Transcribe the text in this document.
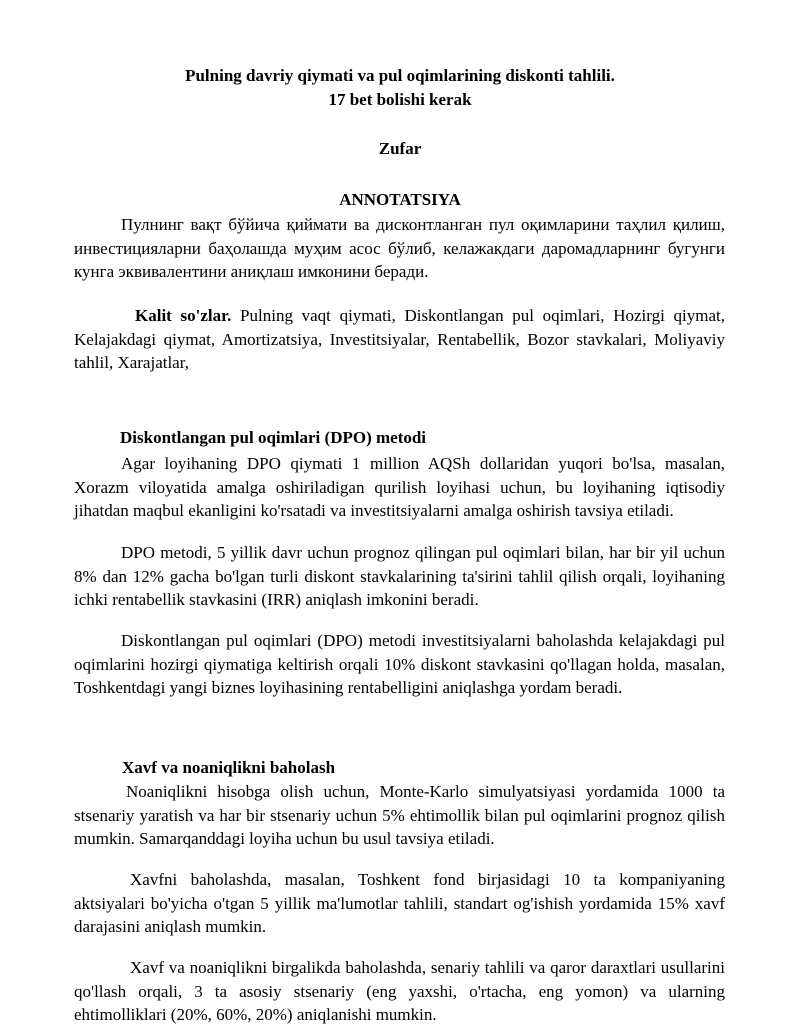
Pulning davriy qiymati va pul oqimlarining diskonti tahlili.
17 bet bolishi kerak
Zufar
ANNOTATSIYA
Пулнинг вақт бўйича қиймати ва дисконтланган пул оқимларини таҳлил қилиш, инвестицияларни баҳолашда муҳим асос бўлиб, келажакдаги даромадларнинг бугунги кунга эквивалентини аниқлаш имконини беради.
Kalit so'zlar. Pulning vaqt qiymati, Diskontlangan pul oqimlari, Hozirgi qiymat, Kelajakdagi qiymat, Amortizatsiya, Investitsiyalar, Rentabellik, Bozor stavkalari, Moliyaviy tahlil, Xarajatlar,
Diskontlangan pul oqimlari (DPO) metodi
Agar loyihaning DPO qiymati 1 million AQSh dollaridan yuqori bo'lsa, masalan, Xorazm viloyatida amalga oshiriladigan qurilish loyihasi uchun, bu loyihaning iqtisodiy jihatdan maqbul ekanligini ko'rsatadi va investitsiyalarni amalga oshirish tavsiya etiladi.
DPO metodi, 5 yillik davr uchun prognoz qilingan pul oqimlari bilan, har bir yil uchun 8% dan 12% gacha bo'lgan turli diskont stavkalarining ta'sirini tahlil qilish orqali, loyihaning ichki rentabellik stavkasini (IRR) aniqlash imkonini beradi.
Diskontlangan pul oqimlari (DPO) metodi investitsiyalarni baholashda kelajakdagi pul oqimlarini hozirgi qiymatiga keltirish orqali 10% diskont stavkasini qo'llagan holda, masalan, Toshkentdagi yangi biznes loyihasining rentabelligini aniqlashga yordam beradi.
Xavf va noaniqlikni baholash
Noaniqlikni hisobga olish uchun, Monte-Karlo simulyatsiyasi yordamida 1000 ta stsenariy yaratish va har bir stsenariy uchun 5% ehtimollik bilan pul oqimlarini prognoz qilish mumkin. Samarqanddagi loyiha uchun bu usul tavsiya etiladi.
Xavfni baholashda, masalan, Toshkent fond birjasidagi 10 ta kompaniyaning aktsiyalari bo'yicha o'tgan 5 yillik ma'lumotlar tahlili, standart og'ishish yordamida 15% xavf darajasini aniqlash mumkin.
Xavf va noaniqlikni birgalikda baholashda, senariy tahlili va qaror daraxtlari usullarini qo'llash orqali, 3 ta asosiy stsenariy (eng yaxshi, o'rtacha, eng yomon) va ularning ehtimolliklari (20%, 60%, 20%) aniqlanishi mumkin.
